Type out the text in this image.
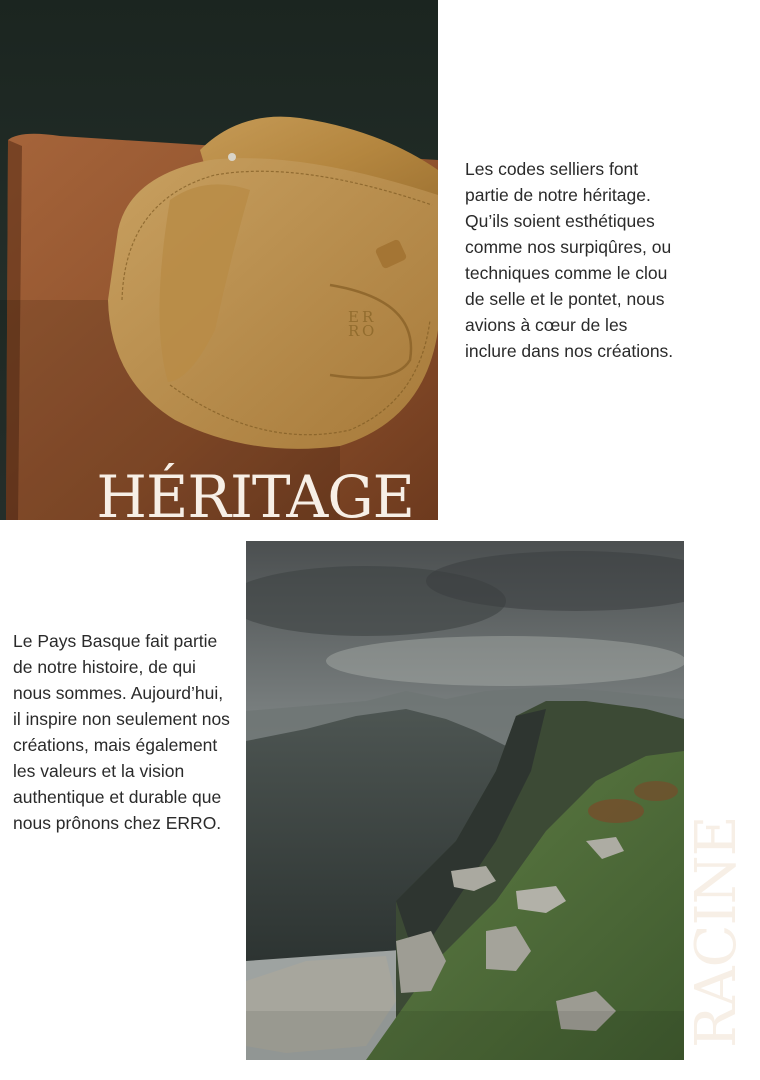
E R
R O
HÉRITAGE

Les codes selliers font partie de notre héritage. Qu’ils soient esthétiques comme nos surpiqûres, ou techniques comme le clou de selle et le pontet, nous avions à cœur de les inclure dans nos créations.

Le Pays Basque fait partie de notre histoire, de qui nous sommes. Aujourd’hui, il inspire non seulement nos créations, mais également les valeurs et la vision authentique et durable que nous prônons chez ERRO.	RACINE
